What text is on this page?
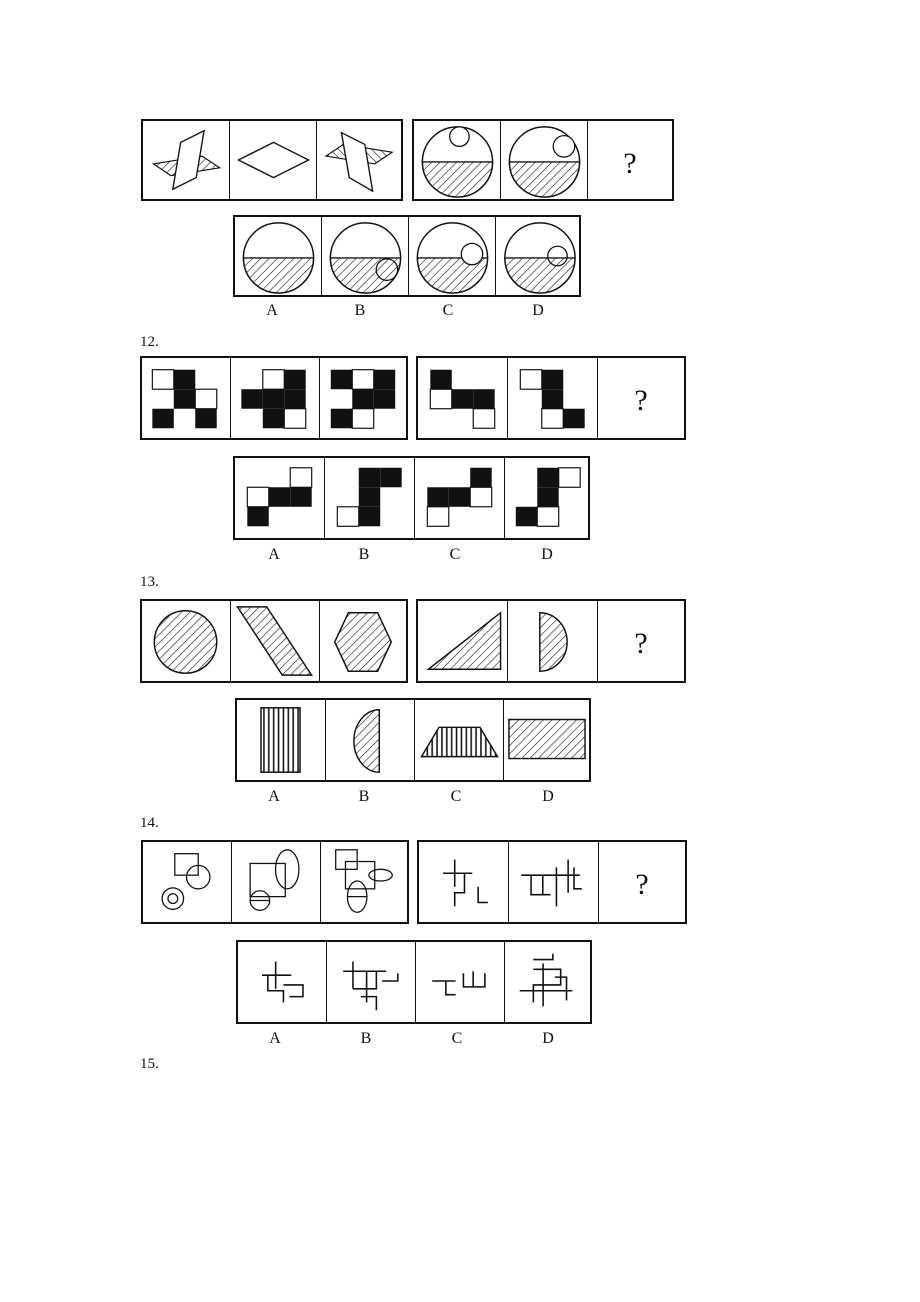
?
A	B	C	D
12.
?
A	B	C	D
13.
?
A	B	C	D
14.
?
A	B	C	D
15.
